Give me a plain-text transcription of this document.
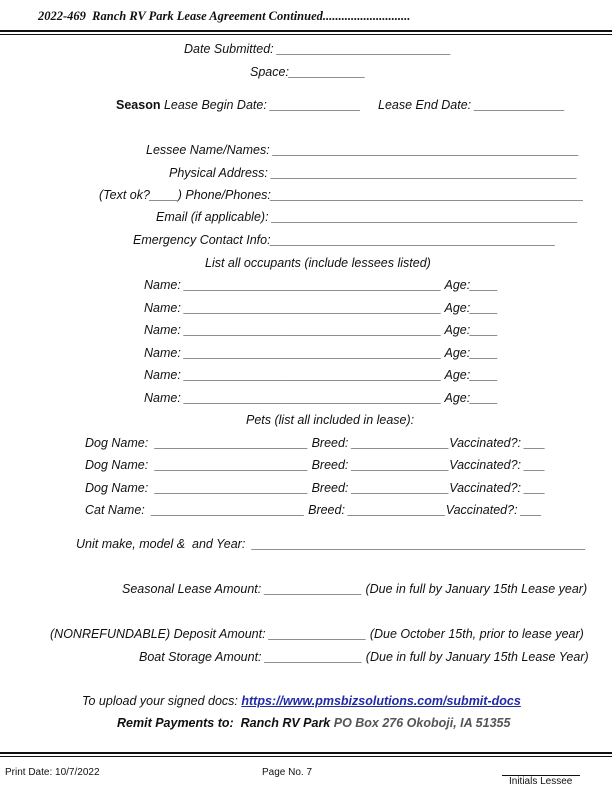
2022-469  Ranch RV Park Lease Agreement Continued............................
Date Submitted: _________________________
Space:___________
Season Lease Begin Date: _____________     Lease End Date: _____________
Lessee Name/Names: ____________________________________________
Physical Address: ____________________________________________
(Text ok?____) Phone/Phones:_____________________________________________
Email (if applicable): ____________________________________________
Emergency Contact Info:_________________________________________
List all occupants (include lessees listed)
Name: _____________________________________ Age:____
Name: _____________________________________ Age:____
Name: _____________________________________ Age:____
Name: _____________________________________ Age:____
Name: _____________________________________ Age:____
Name: _____________________________________ Age:____
Pets (list all included in lease):
Dog Name:  ______________________ Breed: ______________Vaccinated?: ___
Dog Name:  ______________________ Breed: ______________Vaccinated?: ___
Dog Name:  ______________________ Breed: ______________Vaccinated?: ___
Cat Name:  ______________________ Breed: ______________Vaccinated?: ___
Unit make, model &  and Year:  ________________________________________________
Seasonal Lease Amount: ______________ (Due in full by January 15th Lease year)
(NONREFUNDABLE) Deposit Amount: ______________ (Due October 15th, prior to lease year)
Boat Storage Amount: ______________ (Due in full by January 15th Lease Year)
To upload your signed docs: https://www.pmsbizsolutions.com/submit-docs
Remit Payments to:  Ranch RV Park PO Box 276 Okoboji, IA 51355
Print Date: 10/7/2022	Page No. 7
Initials Lessee
